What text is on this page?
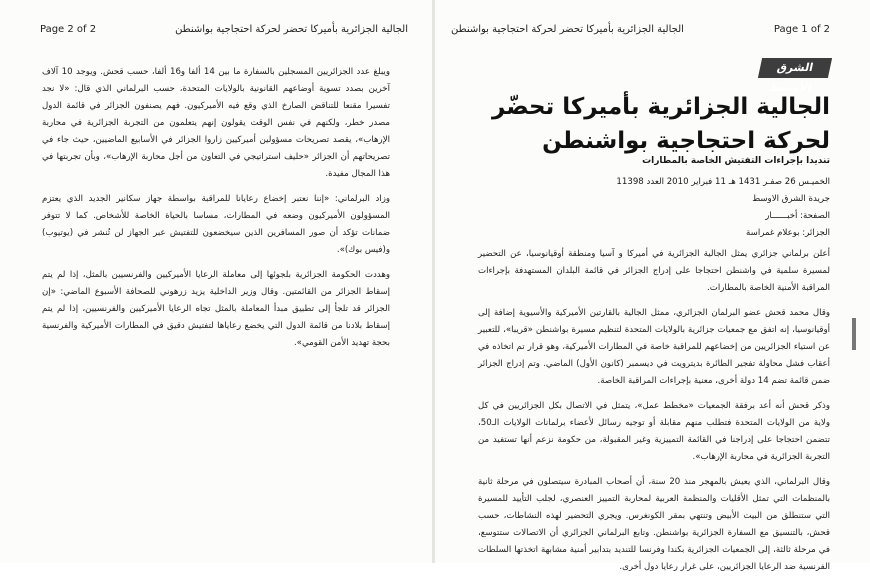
Page 2 of 2	الجالية الجزائرية بأميركا تحضر لحركة احتجاجية بواشنطن

ويبلغ عدد الجزائريين المسجلين بالسفارة ما بين 14 ألفا و16 ألفا، حسب قحش. ويوجد 10 آلاف آخرين بصدد تسوية أوضاعهم القانونية بالولايات المتحدة، حسب البرلماني الذي قال: «لا نجد تفسيرا مقنعا للتناقض الصارخ الذي وقع فيه الأميركيون. فهم يصنفون الجزائر في قائمة الدول مصدر خطر، ولكنهم في نفس الوقت يقولون إنهم يتعلمون من التجربة الجزائرية في محاربة الإرهاب»، يقصد تصريحات مسؤولين أميركيين زاروا الجزائر في الأسابيع الماضيين، حيث جاء في تصريحاتهم أن الجزائر «حليف استراتيجي في التعاون من أجل محاربة الإرهاب»، وبأن تجربتها في هذا المجال مفيدة.

وزاد البرلماني: «إننا نعتبر إخضاع رعايانا للمراقبة بواسطة جهاز سكانير الجديد الذي يعتزم المسؤولون الأميركيون وضعه في المطارات، مساسا بالحياة الخاصة للأشخاص. كما لا تتوفر ضمانات تؤكد أن صور المسافرين الذين سيخضعون للتفتيش عبر الجهاز لن تُنشر في (يوتيوب) و(فيس بوك)».

وهددت الحكومة الجزائرية بلجوئها إلى معاملة الرعايا الأميركيين والفرنسيين بالمثل، إذا لم يتم إسقاط الجزائر من القائمتين. وقال وزير الداخلية يزيد زرهوني للصحافة الأسبوع الماضي: «إن الجزائر قد تلجأ إلى تطبيق مبدأ المعاملة بالمثل تجاه الرعايا الأميركيين والفرنسيين، إذا لم يتم إسقاط بلادنا من قائمة الدول التي يخضع رعاياها لتفتيش دقيق في المطارات الأميركية والفرنسية بحجة تهديد الأمن القومي».

Page 1 of 2
الجالية الجزائرية بأميركا تحضر لحركة احتجاجية بواشنطن
الشرق الأوسط
الجالية الجزائرية بأميركا تحضّر لحركة احتجاجية بواشنطن
تنديدا بإجراءات التفتيش الخاصة بالمطارات
الخميـس 26 صفـر 1431 هـ 11 فبراير 2010 العدد 11398
جريدة الشرق الاوسط
الصفحة: أخبــــــار
الجزائر: بوعلام غمراسة

أعلن برلماني جزائري يمثل الجالية الجزائرية في أميركا و آسيا ومنطقة أوقيانوسيا، عن التحضير لمسيرة سلمية في واشنطن احتجاجا على إدراج الجزائر في قائمة البلدان المستهدفة بإجراءات المراقبة الأمنية الخاصة بالمطارات.

وقال محمد قحش عضو البرلمان الجزائري، ممثل الجالية بالقارتين الأميركية والأسيوية إضافة إلى أوقيانوسيا، إنه اتفق مع جمعيات جزائرية بالولايات المتحدة لتنظيم مسيرة بواشنطن «قريبا»، للتعبير عن استياء الجزائريين من إخضاعهم للمراقبة خاصة في المطارات الأميركية، وهو قرار تم اتخاذه في أعقاب فشل محاولة تفجير الطائرة بديترويت في ديسمبر (كانون الأول) الماضي. وتم إدراج الجزائر ضمن قائمة تضم 14 دولة أخرى، معنية بإجراءات المراقبة الخاصة.

وذكر قحش أنه أعد برفقة الجمعيات «مخطط عمل»، يتمثل في الاتصال بكل الجزائريين في كل ولاية من الولايات المتحدة فتطلب منهم مقابلة أو توجيه رسائل لأعضاء برلمانات الولايات الـ50، تتضمن احتجاجا على إدراجنا في القائمة التمييزية وغير المقبولة، من حكومة نزعم أنها تستفيد من التجربة الجزائرية في محاربة الإرهاب».

وقال البرلماني، الذي يعيش بالمهجر منذ 20 سنة، أن أصحاب المبادرة سيتصلون في مرحلة ثانية بالمنظمات التي تمثل الأقليات والمنظمة العربية لمحاربة التمييز العنصري، لجلب التأييد للمسيرة التي ستنطلق من البيت الأبيض وتنتهي بمقر الكونغرس. ويجري التحضير لهذه النشاطات، حسب قحش، بالتنسيق مع السفارة الجزائرية بواشنطن. وتابع البرلماني الجزائري أن الاتصالات ستتوسع، في مرحلة ثالثة، إلى الجمعيات الجزائرية بكندا وفرنسا للتنديد بتدابير أمنية مشابهة اتخذتها السلطات الفرنسية ضد الرعايا الجزائريين، على غرار رعايا دول أخرى.
